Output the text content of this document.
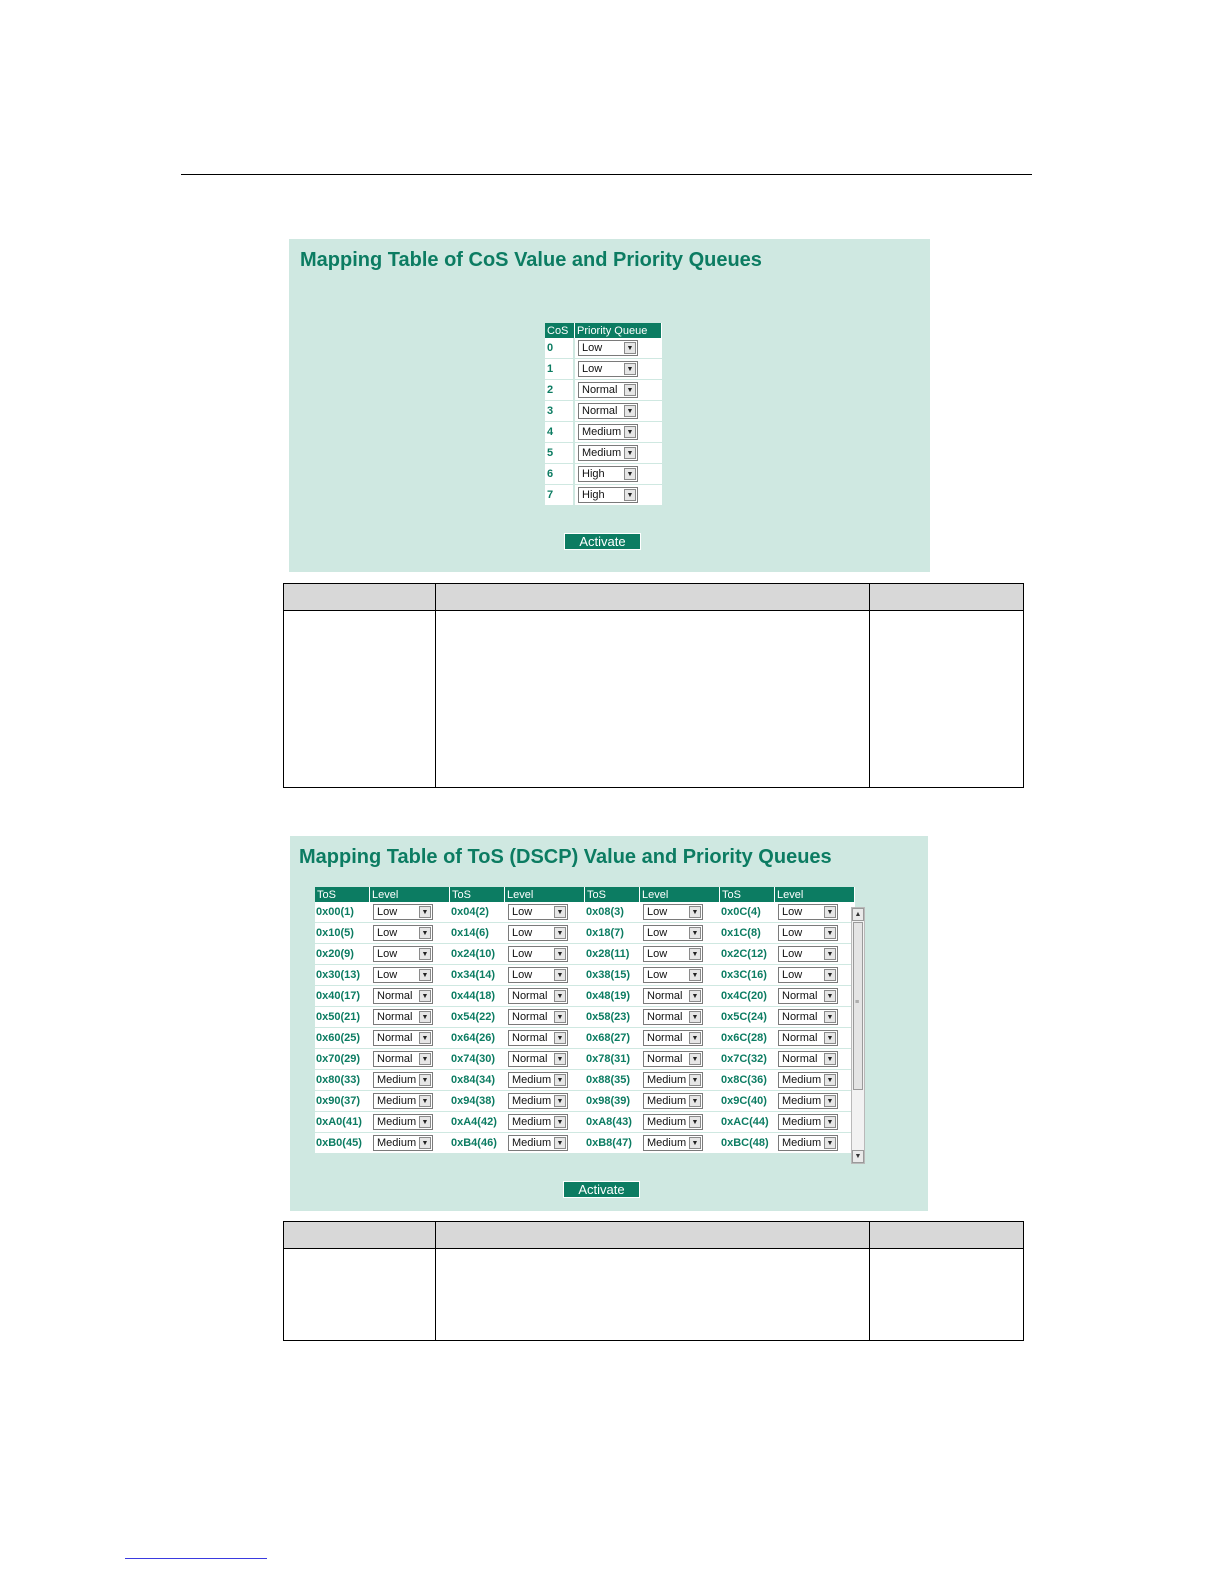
Mapping Table of CoS Value and Priority Queues
CoS	Priority Queue
0	Low ▼

1	Low ▼

2	Normal ▼

3	Normal ▼

4	Medium ▼

5	Medium ▼

6	High ▼

7	High ▼
Activate

Mapping Table of ToS (DSCP) Value and Priority Queues
ToS	Level	ToS	Level	ToS	Level	ToS	Level
0x00(1)	Low ▼	0x04(2)	Low ▼	0x08(3)	Low ▼	0x0C(4)	Low ▼

0x10(5)	Low ▼	0x14(6)	Low ▼	0x18(7)	Low ▼	0x1C(8)	Low ▼

0x20(9)	Low ▼	0x24(10)	Low ▼	0x28(11)	Low ▼	0x2C(12)	Low ▼

0x30(13)	Low ▼	0x34(14)	Low ▼	0x38(15)	Low ▼	0x3C(16)	Low ▼

0x40(17)	Normal ▼	0x44(18)	Normal ▼	0x48(19)	Normal ▼	0x4C(20)	Normal ▼

0x50(21)	Normal ▼	0x54(22)	Normal ▼	0x58(23)	Normal ▼	0x5C(24)	Normal ▼

0x60(25)	Normal ▼	0x64(26)	Normal ▼	0x68(27)	Normal ▼	0x6C(28)	Normal ▼

0x70(29)	Normal ▼	0x74(30)	Normal ▼	0x78(31)	Normal ▼	0x7C(32)	Normal ▼

0x80(33)	Medium ▼	0x84(34)	Medium ▼	0x88(35)	Medium ▼	0x8C(36)	Medium ▼

0x90(37)	Medium ▼	0x94(38)	Medium ▼	0x98(39)	Medium ▼	0x9C(40)	Medium ▼

0xA0(41)	Medium ▼	0xA4(42)	Medium ▼	0xA8(43)	Medium ▼	0xAC(44)	Medium ▼

0xB0(45)	Medium ▼	0xB4(46)	Medium ▼	0xB8(47)	Medium ▼	0xBC(48)	Medium ▼
▲
≡
▼
Activate
